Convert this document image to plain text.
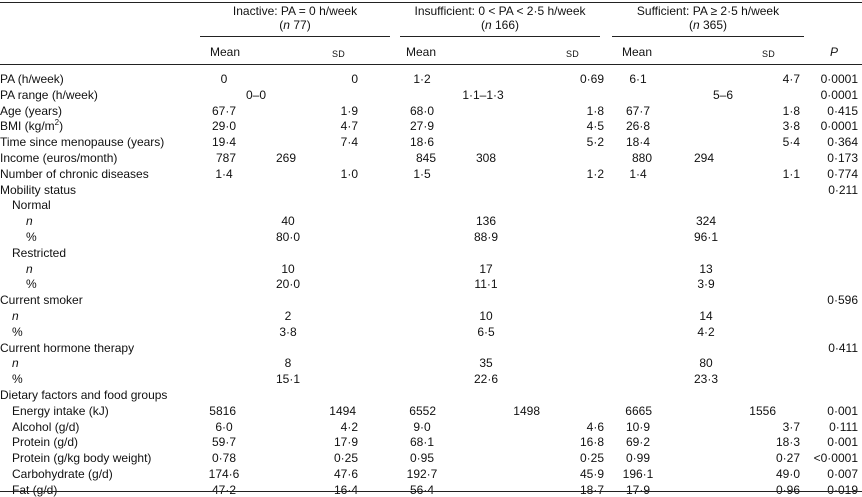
Inactive: PA = 0 h/week
(n 77)
Insufficient: 0 < PA < 2·5 h/week
(n 166)
Sufficient: PA ≥ 2·5 h/week
(n 365)
Mean	SD	Mean	SD	Mean	SD	P
PA (h/week)	0	0	1·2	0·69	6·1	4·7	0·0001
PA range (h/week)	0–0	1·1–1·3	5–6	0·0001
Age (years)	67·7	1·9	68·0	1·8	67·7	1·8	0·415
BMI $(kg/m^2)$	29·0	4·7	27·9	4·5	26·8	3·8	0·0001
Time since menopause (years)	19·4	7·4	18·6	5·2	18·4	5·4	0·364
Income (euros/month)	787	269	845	308	880	294	0·173
Number of chronic diseases	1·4	1·0	1·5	1·2	1·4	1·1	0·774
Mobility status	0·211
Normal
n	40	136	324
%	80·0	88·9	96·1
Restricted
n	10	17	13
%	20·0	11·1	3·9
Current smoker	0·596
n	2	10	14
%	3·8	6·5	4·2
Current hormone therapy	0·411
n	8	35	80
%	15·1	22·6	23·3
Dietary factors and food groups
Energy intake (kJ)	5816	1494	6552	1498	6665	1556	0·001
Alcohol (g/d)	6·0	4·2	9·0	4·6	10·9	3·7	0·111
Protein (g/d)	59·7	17·9	68·1	16·8	69·2	18·3	0·001
Protein (g/kg body weight)	0·78	0·25	0·95	0·25	0·99	0·27	<0·0001
Carbohydrate (g/d)	174·6	47·6	192·7	45·9	196·1	49·0	0·007
Fat (g/d)	47·2	16·4	56·4	18·7	17·9	0·96	0·019
